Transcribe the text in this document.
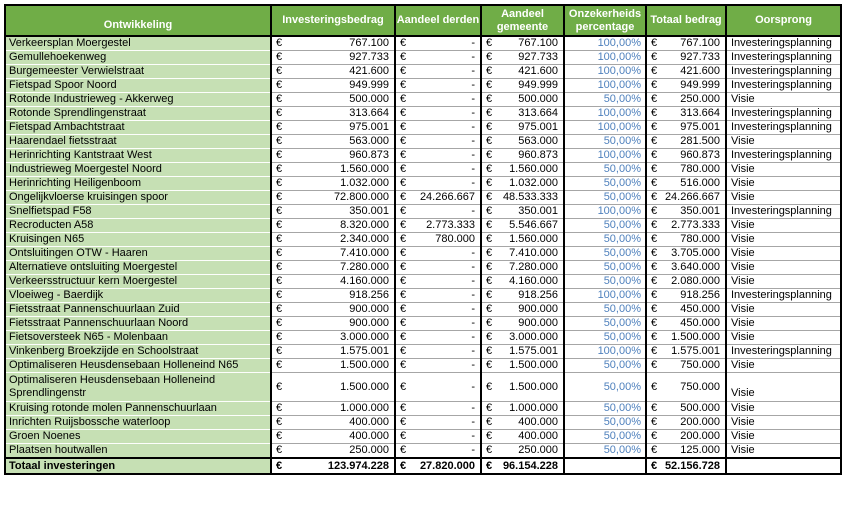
Ontwikkeling	Investeringsbedrag	Aandeel derden	Aandeel gemeente	Onzekerheids percentage	Totaal bedrag	Oorsprong
Verkeersplan Moergestel	€ 767.100	€ -	€ 767.100	100,00%	€ 767.100	Investeringsplanning
Gemullehoekenweg	€ 927.733	€ -	€ 927.733	100,00%	€ 927.733	Investeringsplanning
Burgemeester Verwielstraat	€ 421.600	€ -	€ 421.600	100,00%	€ 421.600	Investeringsplanning
Fietspad Spoor Noord	€ 949.999	€ -	€ 949.999	100,00%	€ 949.999	Investeringsplanning
Rotonde Industrieweg - Akkerweg	€ 500.000	€ -	€ 500.000	50,00%	€ 250.000	Visie
Rotonde Sprendlingenstraat	€ 313.664	€ -	€ 313.664	100,00%	€ 313.664	Investeringsplanning
Fietspad Ambachtstraat	€ 975.001	€ -	€ 975.001	100,00%	€ 975.001	Investeringsplanning
Haarendael fietsstraat	€ 563.000	€ -	€ 563.000	50,00%	€ 281.500	Visie
Herinrichting Kantstraat West	€ 960.873	€ -	€ 960.873	100,00%	€ 960.873	Investeringsplanning
Industrieweg Moergestel Noord	€ 1.560.000	€ -	€ 1.560.000	50,00%	€ 780.000	Visie
Herinrichting Heiligenboom	€ 1.032.000	€ -	€ 1.032.000	50,00%	€ 516.000	Visie
Ongelijkvloerse kruisingen spoor	€ 72.800.000	€ 24.266.667	€ 48.533.333	50,00%	€ 24.266.667	Visie
Snelfietspad F58	€ 350.001	€ -	€ 350.001	100,00%	€ 350.001	Investeringsplanning
Recroducten A58	€ 8.320.000	€ 2.773.333	€ 5.546.667	50,00%	€ 2.773.333	Visie
Kruisingen N65	€ 2.340.000	€ 780.000	€ 1.560.000	50,00%	€ 780.000	Visie
Ontsluitingen OTW - Haaren	€ 7.410.000	€ -	€ 7.410.000	50,00%	€ 3.705.000	Visie
Alternatieve ontsluiting Moergestel	€ 7.280.000	€ -	€ 7.280.000	50,00%	€ 3.640.000	Visie
Verkeersstructuur kern Moergestel	€ 4.160.000	€ -	€ 4.160.000	50,00%	€ 2.080.000	Visie
Vloeiweg - Baerdijk	€ 918.256	€ -	€ 918.256	100,00%	€ 918.256	Investeringsplanning
Fietsstraat Pannenschuurlaan Zuid	€ 900.000	€ -	€ 900.000	50,00%	€ 450.000	Visie
Fietsstraat Pannenschuurlaan Noord	€ 900.000	€ -	€ 900.000	50,00%	€ 450.000	Visie
Fietsoversteek N65 - Molenbaan	€ 3.000.000	€ -	€ 3.000.000	50,00%	€ 1.500.000	Visie
Vinkenberg Broekzijde en Schoolstraat	€ 1.575.001	€ -	€ 1.575.001	100,00%	€ 1.575.001	Investeringsplanning
Optimaliseren Heusdensebaan Holleneind N65	€ 1.500.000	€ -	€ 1.500.000	50,00%	€ 750.000	Visie
Optimaliseren Heusdensebaan Holleneind Sprendlingenstr	€ 1.500.000	€ -	€ 1.500.000	50,00%	€ 750.000	Visie
Kruising rotonde molen Pannenschuurlaan	€ 1.000.000	€ -	€ 1.000.000	50,00%	€ 500.000	Visie
Inrichten Ruijsbossche waterloop	€ 400.000	€ -	€ 400.000	50,00%	€ 200.000	Visie
Groen Noenes	€ 400.000	€ -	€ 400.000	50,00%	€ 200.000	Visie
Plaatsen houtwallen	€ 250.000	€ -	€ 250.000	50,00%	€ 125.000	Visie
Totaal investeringen	€ 123.974.228	€ 27.820.000	€ 96.154.228		€ 52.156.728	
